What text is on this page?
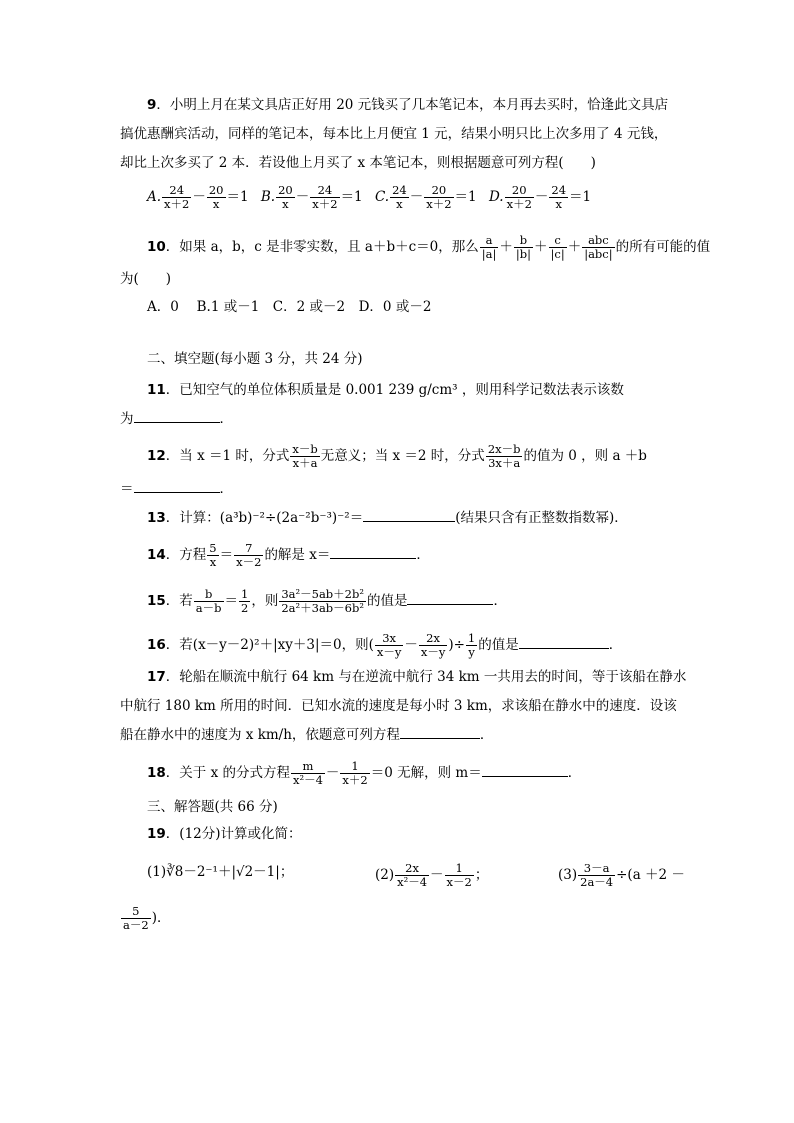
9．小明上月在某文具店正好用 20 元钱买了几本笔记本，本月再去买时，恰逢此文具店
搞优惠酬宾活动，同样的笔记本，每本比上月便宜 1 元，结果小明只比上次多用了 4 元钱，
却比上次多买了 2 本．若设他上月买了 x 本笔记本，则根据题意可列方程(　　)
A. $\frac{24}{x+2} - \frac{20}{x} =1$ B. $\frac{20}{x} - \frac{24}{x+2} =1$ C. $\frac{24}{x} - \frac{20}{x+2} =1$ D. $\frac{20}{x+2} - \frac{24}{x} =1$
10．如果 a，b，c 是非零实数，且 a＋b＋c＝0，那么 $\frac{a}{|a|} + \frac{b}{|b|} + \frac{c}{|c|} + \frac{\text{abc}}{\text{|abc|}}$ 的所有可能的值
为(　　)
A．0　 B.1 或－1　C．2 或－2　D．0 或－2
二、填空题(每小题 3 分，共 24 分)
11．已知空气的单位体积质量是 0.001 239 g/cm³ ，则用科学记数法表示该数
为	．
12．当 x ＝1 时，分式 $\frac{x-b}{x+a}$ 无意义；当 x ＝2 时，分式 $\frac{2x-b}{3x+a}$ 的值为 0 ，则 a ＋b
＝	．
13．计算：(a³b)⁻²÷(2a⁻²b⁻³)⁻²＝	(结果只含有正整数指数幂)．
14．方程 $\frac{5}{x} = \frac{7}{x-2}$ 的解是 x＝	．
15．若 $\frac{b}{a-b} = \frac{1}{2}$ ，则 $\frac{\text{3a²－5ab＋2b²}}{\text{2a²＋3ab－6b²}}$ 的值是	．
16．若(x－y－2)²＋|xy＋3|＝0，则( $\frac{3x}{x-y} - \frac{2x}{x-y}$ )÷ $\frac{1}{y}$ 的值是	．
17．轮船在顺流中航行 64 km 与在逆流中航行 34 km 一共用去的时间，等于该船在静水
中航行 180 km 所用的时间．已知水流的速度是每小时 3 km，求该船在静水中的速度．设该
船在静水中的速度为 x km/h，依题意可列方程	．
18．关于 x 的分式方程 $\frac{m}{\text{x²－4}} - \frac{1}{x+2} =0$ 无解，则 m＝	．
三、解答题(共 66 分)
19．(12分)计算或化简：
(1)∛8－2⁻¹＋|√2－1|；	$(2) \frac{2x}{\text{x²－4}} - \frac{1}{x-2}$ ；	$(3) \frac{3-a}{2a-4} \div(a +2$ －
$\frac{5}{a-2}$ )．
